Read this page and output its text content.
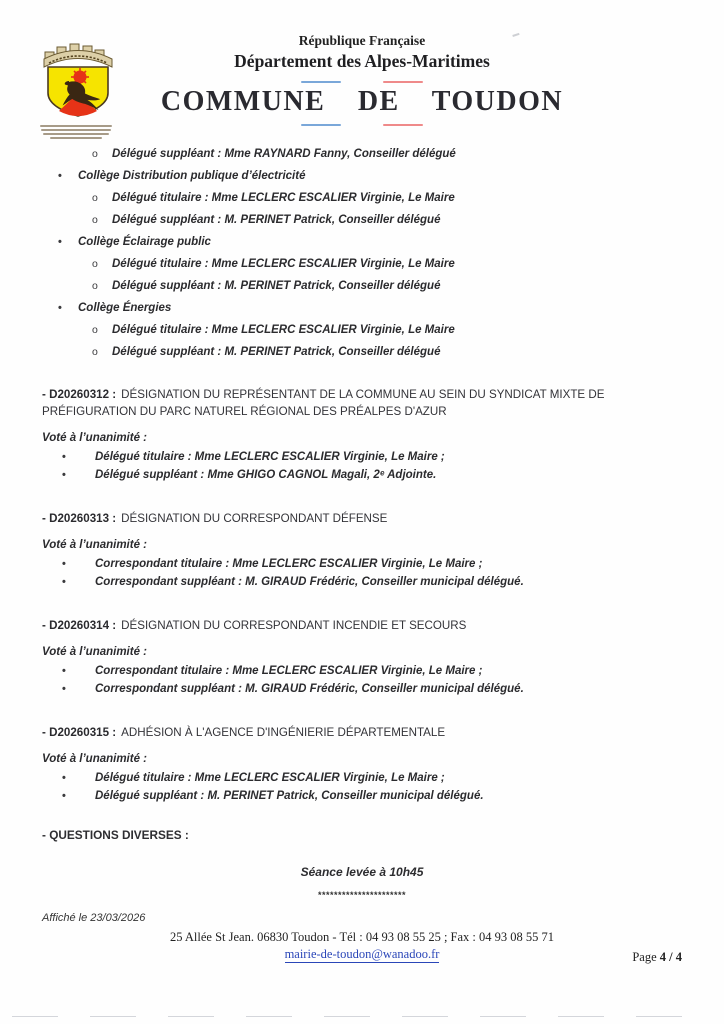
République Française
Département des Alpes-Maritimes
COMMUNE DE TOUDON
o	Délégué suppléant : Mme RAYNARD Fanny, Conseiller délégué
•	Collège Distribution publique d’électricité
o	Délégué titulaire : Mme LECLERC ESCALIER Virginie, Le Maire
o	Délégué suppléant : M. PERINET Patrick, Conseiller délégué
•	Collège Éclairage public
o	Délégué titulaire : Mme LECLERC ESCALIER Virginie, Le Maire
o	Délégué suppléant : M. PERINET Patrick, Conseiller délégué
•	Collège Énergies
o	Délégué titulaire : Mme LECLERC ESCALIER Virginie, Le Maire
o	Délégué suppléant : M. PERINET Patrick, Conseiller délégué
- D20260312 : DÉSIGNATION DU REPRÉSENTANT DE LA COMMUNE AU SEIN DU SYNDICAT MIXTE DE PRÉFIGURATION DU PARC NATUREL RÉGIONAL DES PRÉALPES D'AZUR
Voté à l’unanimité :
•	Délégué titulaire : Mme LECLERC ESCALIER Virginie, Le Maire ;
•	Délégué suppléant : Mme GHIGO CAGNOL Magali, 2ᵉ Adjointe.
- D20260313 : DÉSIGNATION DU CORRESPONDANT DÉFENSE
Voté à l’unanimité :
•	Correspondant titulaire : Mme LECLERC ESCALIER Virginie, Le Maire ;
•	Correspondant suppléant : M. GIRAUD Frédéric, Conseiller municipal délégué.
- D20260314 : DÉSIGNATION DU CORRESPONDANT INCENDIE ET SECOURS
Voté à l’unanimité :
•	Correspondant titulaire : Mme LECLERC ESCALIER Virginie, Le Maire ;
•	Correspondant suppléant : M. GIRAUD Frédéric, Conseiller municipal délégué.
- D20260315 : ADHÉSION À L'AGENCE D'INGÉNIERIE DÉPARTEMENTALE
Voté à l’unanimité :
•	Délégué titulaire : Mme LECLERC ESCALIER Virginie, Le Maire ;
•	Délégué suppléant : M. PERINET Patrick, Conseiller municipal délégué.
- QUESTIONS DIVERSES :
Séance levée à 10h45
**********************
Affiché le 23/03/2026
25 Allée St Jean. 06830 Toudon - Tél : 04 93 08 55 25 ; Fax : 04 93 08 55 71
mairie-de-toudon@wanadoo.fr	Page 4 / 4
